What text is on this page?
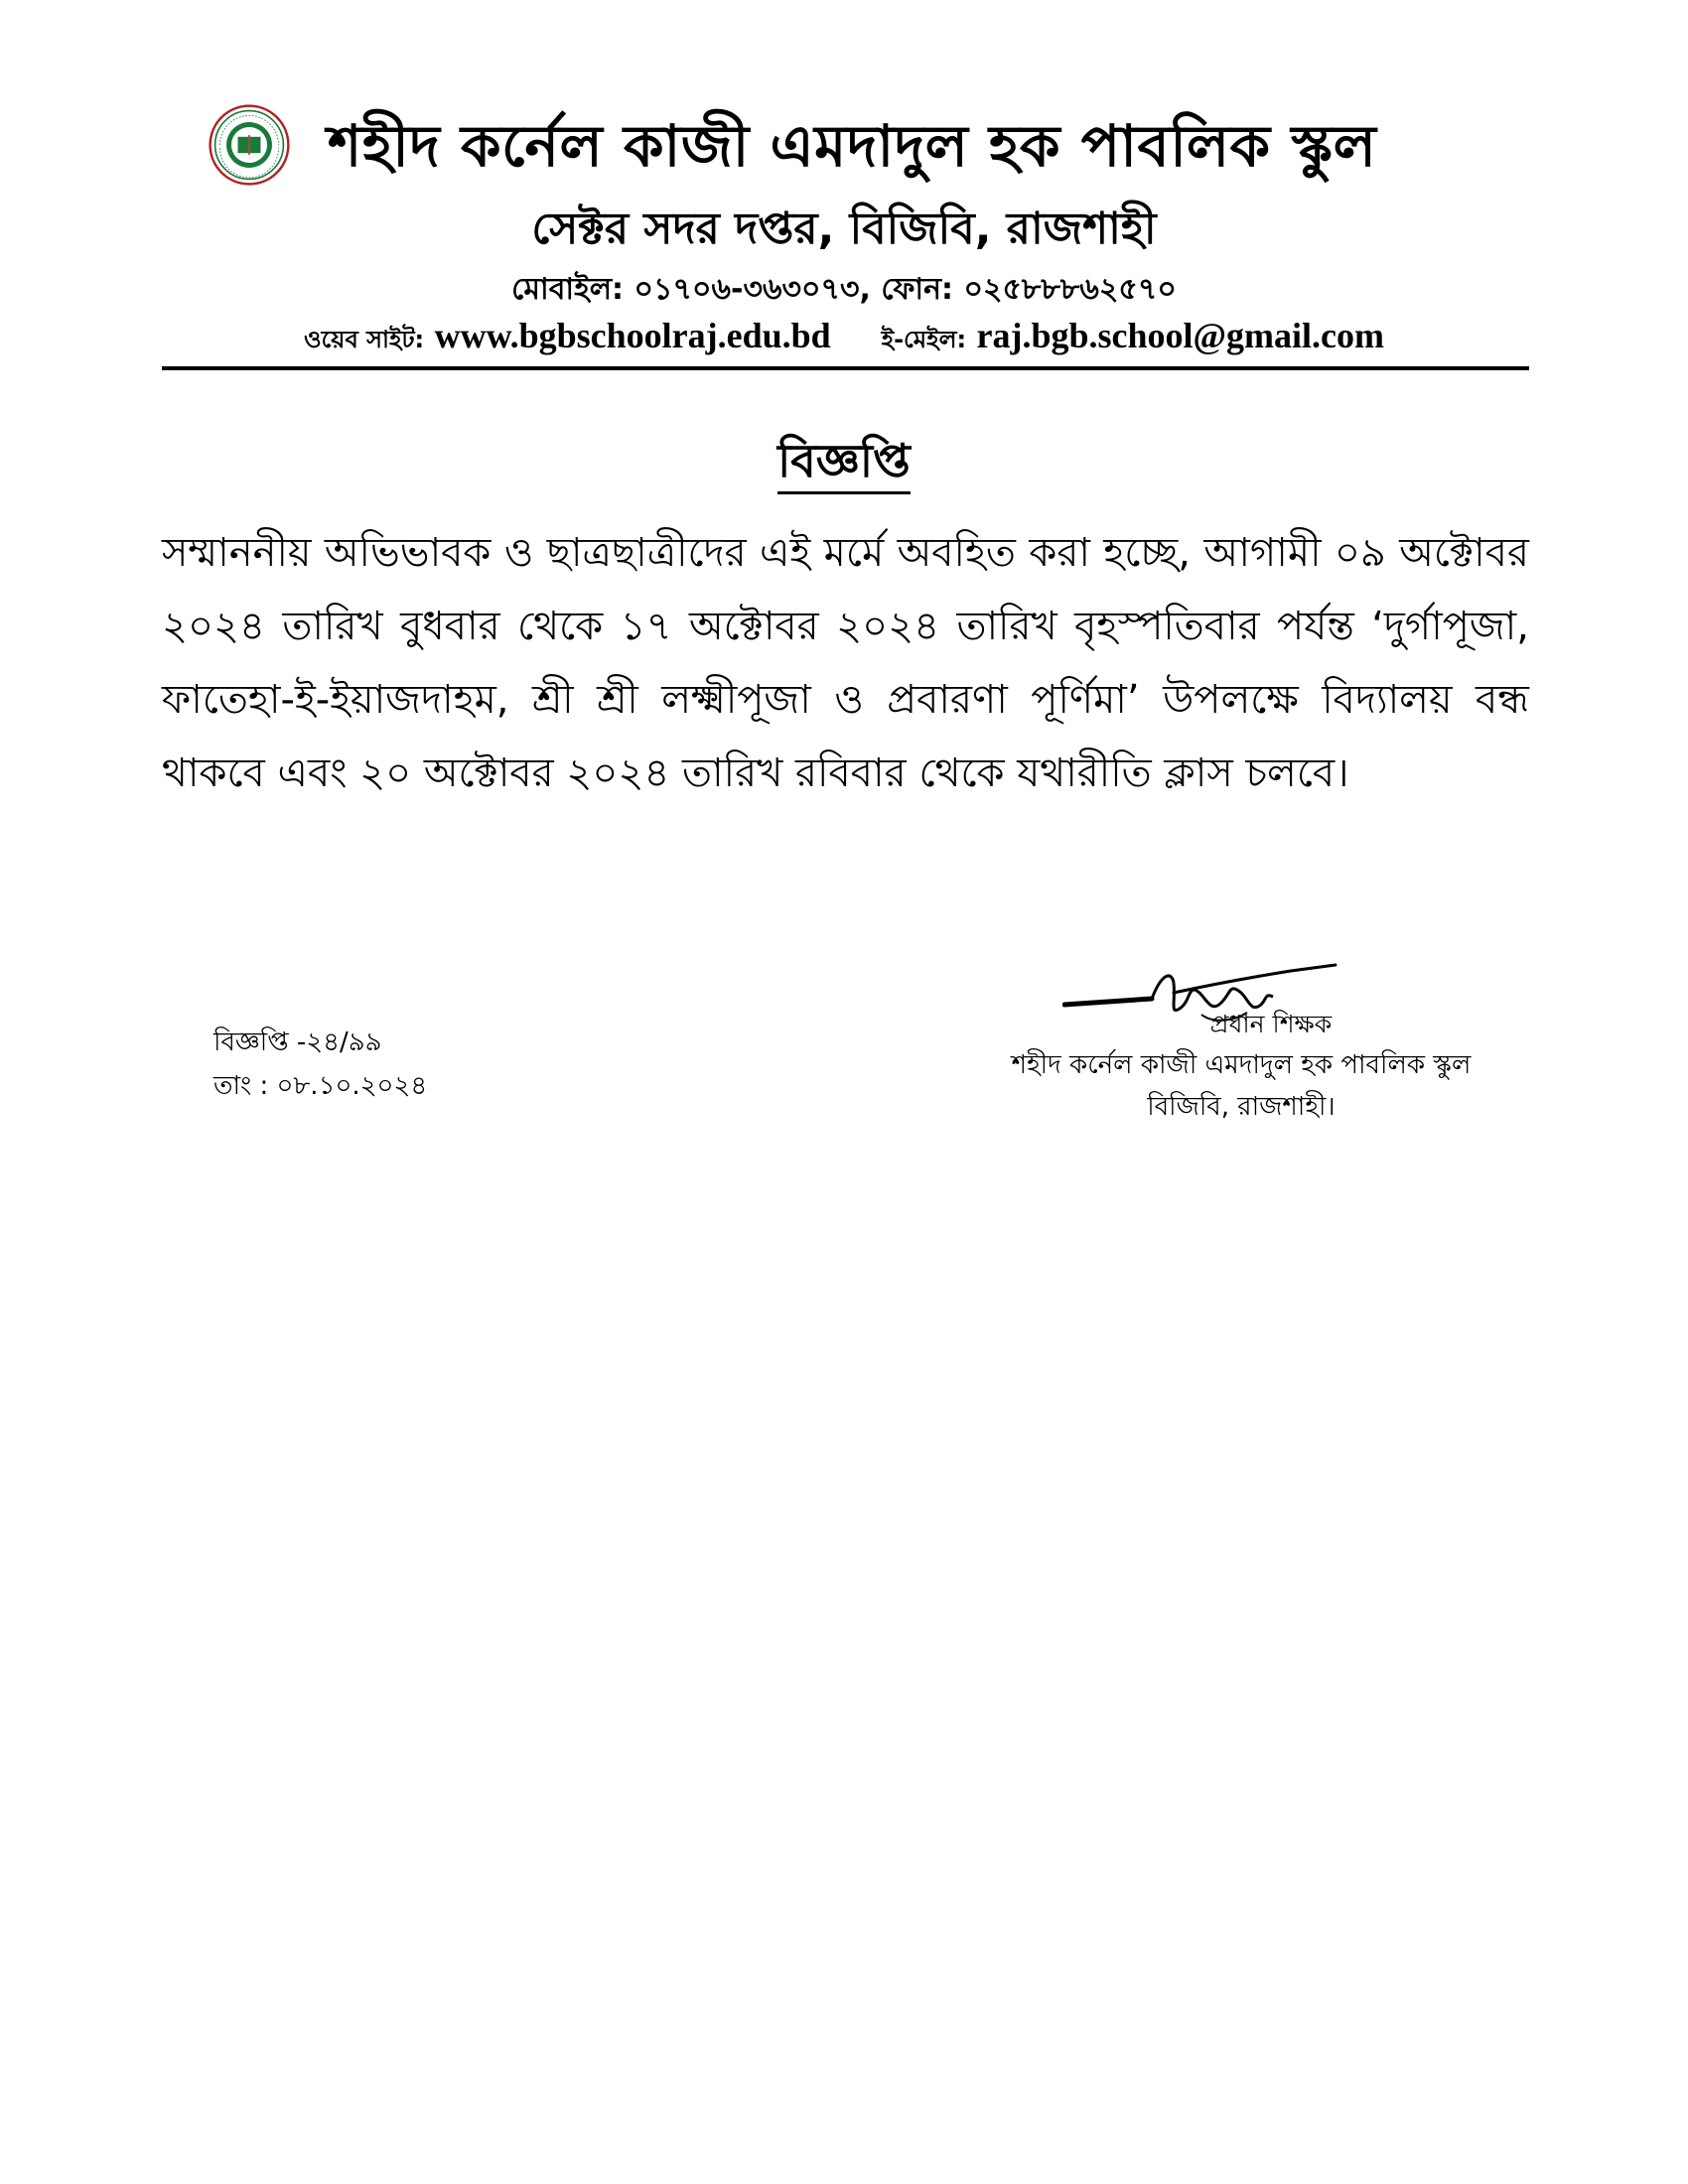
শহীদ কর্নেল কাজী এমদাদুল হক পাবলিক স্কুল
সেক্টর সদর দপ্তর, বিজিবি, রাজশাহী
মোবাইল: ০১৭০৬-৩৬৩০৭৩, ফোন: ০২৫৮৮৮৬২৫৭০
ওয়েব সাইট: www.bgbschoolraj.edu.bd ই-মেইল: raj.bgb.school@gmail.com
বিজ্ঞপ্তি
সম্মাননীয় অভিভাবক ও ছাত্রছাত্রীদের এই মর্মে অবহিত করা হচ্ছে, আগামী ০৯ অক্টোবর ২০২৪ তারিখ বুধবার থেকে ১৭ অক্টোবর ২০২৪ তারিখ বৃহস্পতিবার পর্যন্ত ‘দুর্গাপূজা, ফাতেহা-ই-ইয়াজদাহম, শ্রী শ্রী লক্ষ্মীপূজা ও প্রবারণা পূর্ণিমা’ উপলক্ষে বিদ্যালয় বন্ধ থাকবে এবং ২০ অক্টোবর ২০২৪ তারিখ রবিবার থেকে যথারীতি ক্লাস চলবে।
বিজ্ঞপ্তি -২৪/৯৯
তাং : ০৮.১০.২০২৪
প্রধান শিক্ষক
শহীদ কর্নেল কাজী এমদাদুল হক পাবলিক স্কুল
বিজিবি, রাজশাহী।
